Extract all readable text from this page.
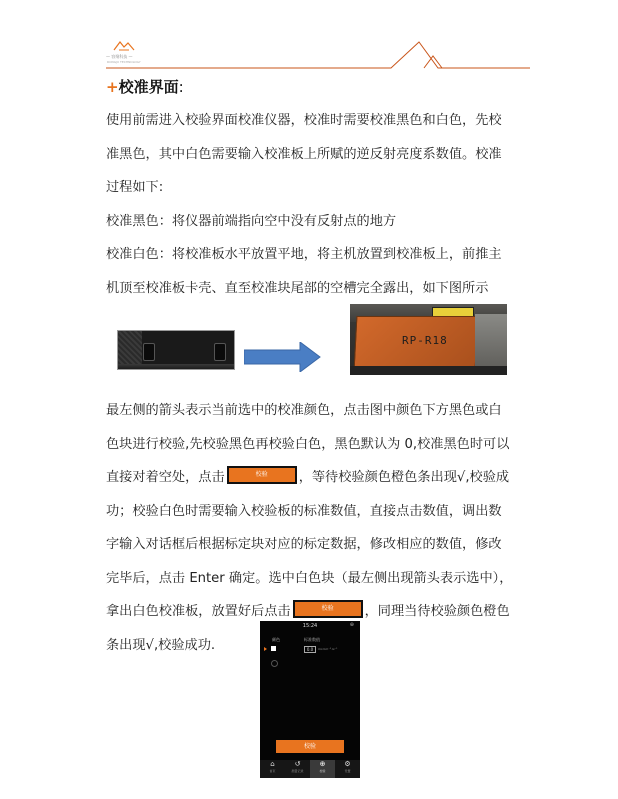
— 容聚科技 —
RONGJU TECHNOLOGY
+校准界面:
使用前需进入校验界面校准仪器，校准时需要校准黑色和白色，先校
准黑色，其中白色需要输入校准板上所赋的逆反射亮度系数值。校准
过程如下:
校准黑色：将仪器前端指向空中没有反射点的地方
校准白色：将校准板水平放置平地，将主机放置到校准板上，前推主
机顶至校准板卡壳、直至校准块尾部的空槽完全露出，如下图所示
RP-R18
最左侧的箭头表示当前选中的校准颜色，点击图中颜色下方黑色或白
色块进行校验,先校验黑色再校验白色，黑色默认为 0,校准黑色时可以
直接对着空处，点击	校验	，等待校验颜色橙色条出现√,校验成
功；校验白色时需要输入校验板的标准数值，直接点击数值，调出数
字输入对话框后根据标定块对应的标定数据，修改相应的数值，修改
完毕后，点击 Enter 确定。选中白色块（最左侧出现箭头表示选中），
拿出白色校准板，放置好后点击	校验	，同理当待校验颜色橙色
条出现√,校验成功.
15:24	⊕
颜色	标准数值
0.0	mcd·m⁻²·lx⁻¹
校验
⌂
首页
↺
测量记录
⊕
校验
⚙
设置
